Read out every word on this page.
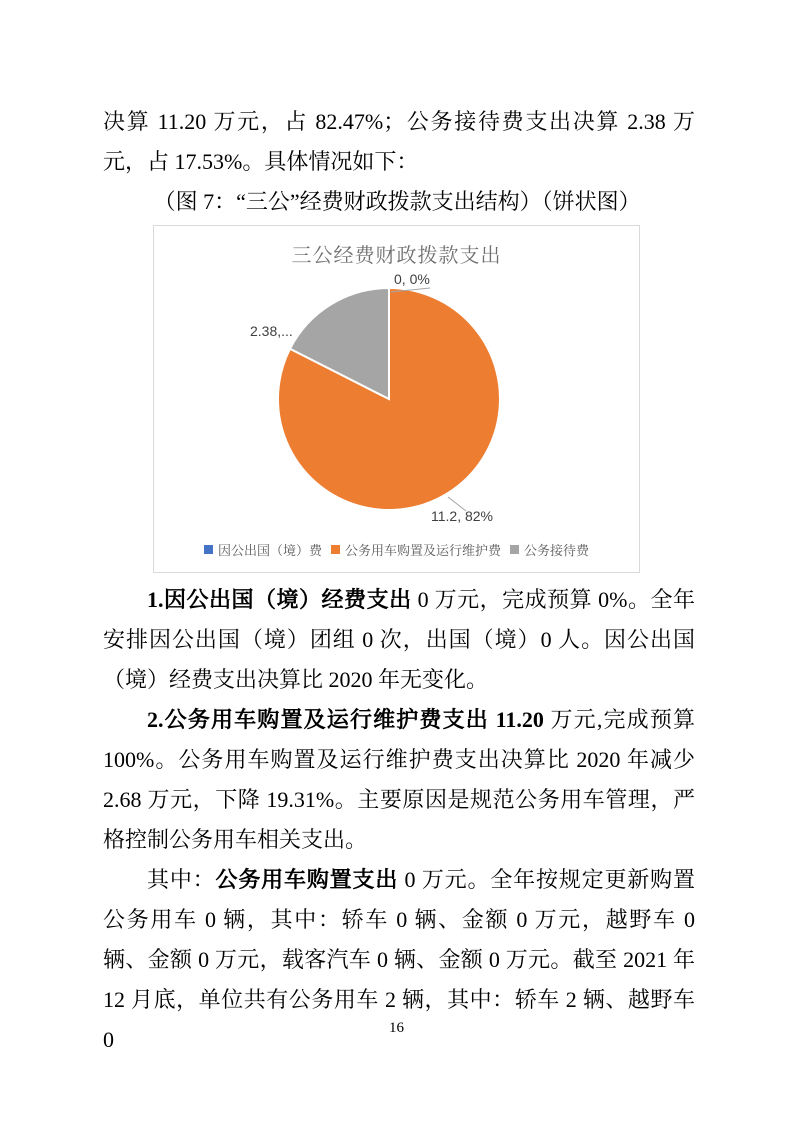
决算 11.20 万元，占 82.47%；公务接待费支出决算 2.38 万元，占 17.53%。具体情况如下：

（图 7：“三公”经费财政拨款支出结构）（饼状图）

三公经费财政拨款支出
0, 0%
11.2, 82%
2.38,...
因公出国（境）费 公务用车购置及运行维护费 公务接待费

1.因公出国（境）经费支出 0 万元，完成预算 0%。全年安排因公出国（境）团组 0 次，出国（境）0 人。因公出国（境）经费支出决算比 2020 年无变化。

2.公务用车购置及运行维护费支出 11.20 万元,完成预算 100%。公务用车购置及运行维护费支出决算比 2020 年减少 2.68 万元，下降 19.31%。主要原因是规范公务用车管理，严格控制公务用车相关支出。

其中：公务用车购置支出 0 万元。全年按规定更新购置公务用车 0 辆，其中：轿车 0 辆、金额 0 万元，越野车 0 辆、金额 0 万元，载客汽车 0 辆、金额 0 万元。截至 2021 年 12 月底，单位共有公务用车 2 辆，其中：轿车 2 辆、越野车 0	16
